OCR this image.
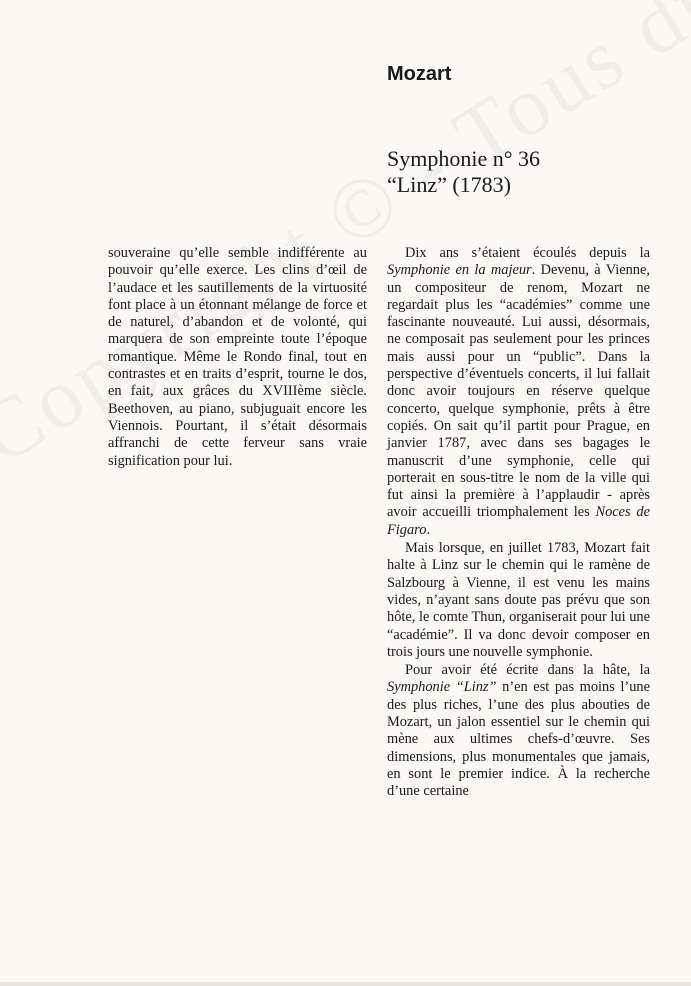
Mozart
Symphonie n° 36
“Linz” (1783)

souveraine qu’elle semble indifférente au pouvoir qu’elle exerce. Les clins d’œil de l’audace et les sautillements de la virtuosité font place à un étonnant mélange de force et de naturel, d’abandon et de volonté, qui marquera de son empreinte toute l’époque romantique. Même le Rondo final, tout en contrastes et en traits d’esprit, tourne le dos, en fait, aux grâces du XVIIIème siècle. Beethoven, au piano, subjuguait encore les Viennois. Pourtant, il s’était désormais affranchi de cette ferveur sans vraie signification pour lui.

Dix ans s’étaient écoulés depuis la Symphonie en la majeur. Devenu, à Vienne, un compositeur de renom, Mozart ne regardait plus les “académies” comme une fascinante nouveauté. Lui aussi, désormais, ne composait pas seulement pour les princes mais aussi pour un “public”. Dans la perspective d’éventuels concerts, il lui fallait donc avoir toujours en réserve quelque concerto, quelque symphonie, prêts à être copiés. On sait qu’il partit pour Prague, en janvier 1787, avec dans ses bagages le manuscrit d’une symphonie, celle qui porterait en sous-titre le nom de la ville qui fut ainsi la première à l’applaudir - après avoir accueilli triomphalement les Noces de Figaro.

Mais lorsque, en juillet 1783, Mozart fait halte à Linz sur le chemin qui le ramène de Salzbourg à Vienne, il est venu les mains vides, n’ayant sans doute pas prévu que son hôte, le comte Thun, organiserait pour lui une “académie”. Il va donc devoir composer en trois jours une nouvelle symphonie.

Pour avoir été écrite dans la hâte, la Symphonie “Linz” n’en est pas moins l’une des plus riches, l’une des plus abouties de Mozart, un jalon essentiel sur le chemin qui mène aux ultimes chefs-d’œuvre. Ses dimensions, plus monumentales que jamais, en sont le premier indice. À la recherche d’une certaine
